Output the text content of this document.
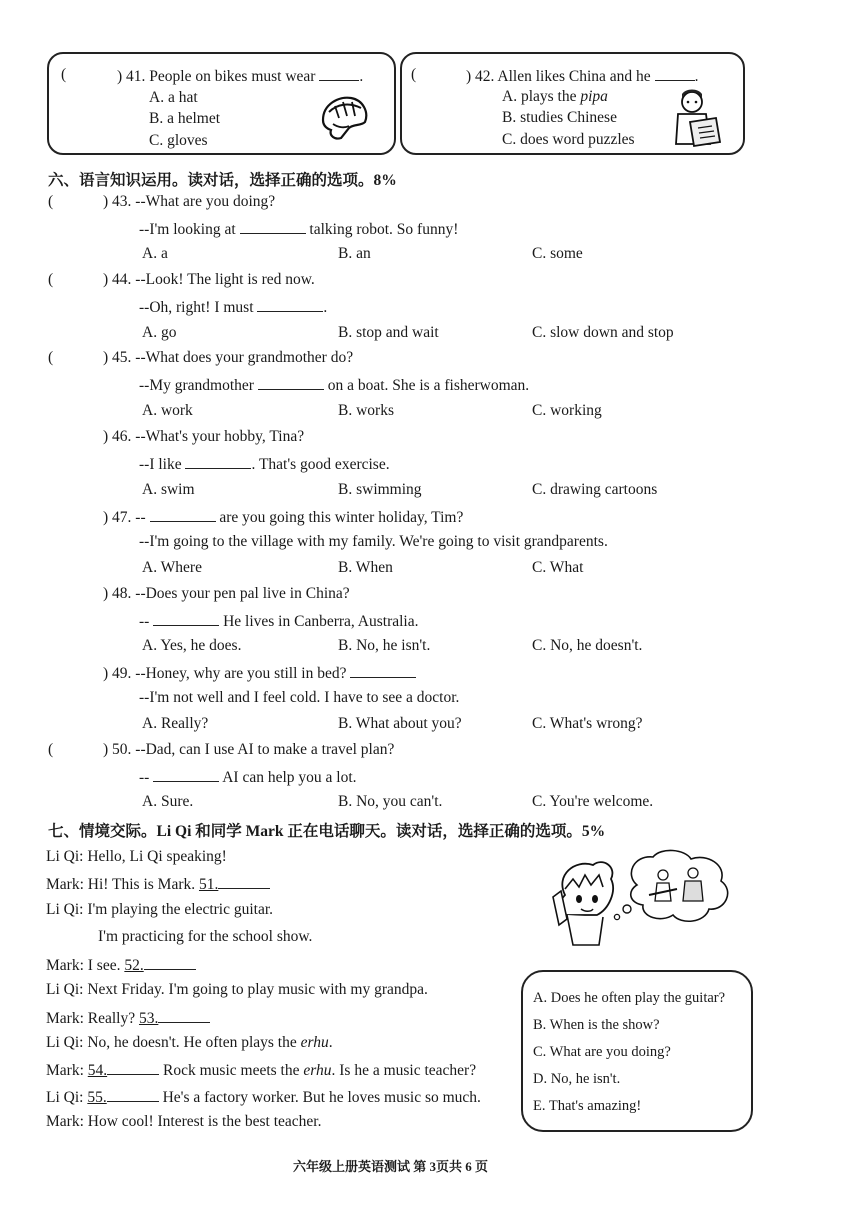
(	) 41. People on bikes must wear	.
A. a hat
B. a helmet
C. gloves
(	) 42. Allen likes China and he	.
A. plays the pipa
B. studies Chinese
C. does word puzzles
六、语言知识运用。读对话，选择正确的选项。8%
(	) 43. --What are you doing?
--I'm looking at	talking robot. So funny!
A. a	B. an	C. some
(	) 44. --Look! The light is red now.
--Oh, right! I must	.
A. go	B. stop and wait	C. slow down and stop
(	) 45. --What does your grandmother do?
--My grandmother	on a boat. She is a fisherwoman.
A. work	B. works	C. working
) 46. --What's your hobby, Tina?
--I like	. That's good exercise.
A. swim	B. swimming	C. drawing cartoons
) 47. --	are you going this winter holiday, Tim?
--I'm going to the village with my family. We're going to visit grandparents.
A. Where	B. When	C. What
) 48. --Does your pen pal live in China?
--	He lives in Canberra, Australia.
A. Yes, he does.	B. No, he isn't.	C. No, he doesn't.
) 49. --Honey, why are you still in bed?
--I'm not well and I feel cold. I have to see a doctor.
A. Really?	B. What about you?	C. What's wrong?
(	) 50. --Dad, can I use AI to make a travel plan?
--	AI can help you a lot.
A. Sure.	B. No, you can't.	C. You're welcome.
七、情境交际。Li Qi 和同学 Mark 正在电话聊天。读对话，选择正确的选项。5%
Li Qi: Hello, Li Qi speaking!
Mark: Hi! This is Mark. 51.
Li Qi: I'm playing the electric guitar.
I'm practicing for the school show.
Mark: I see. 52.
Li Qi: Next Friday. I'm going to play music with my grandpa.
Mark: Really? 53.
Li Qi: No, he doesn't. He often plays the erhu.
Mark: 54.	Rock music meets the erhu. Is he a music teacher?
Li Qi: 55.	He's a factory worker. But he loves music so much.
Mark: How cool! Interest is the best teacher.
A. Does he often play the guitar?
B. When is the show?
C. What are you doing?
D. No, he isn't.
E. That's amazing!
六年级上册英语测试 第 3页共 6 页
